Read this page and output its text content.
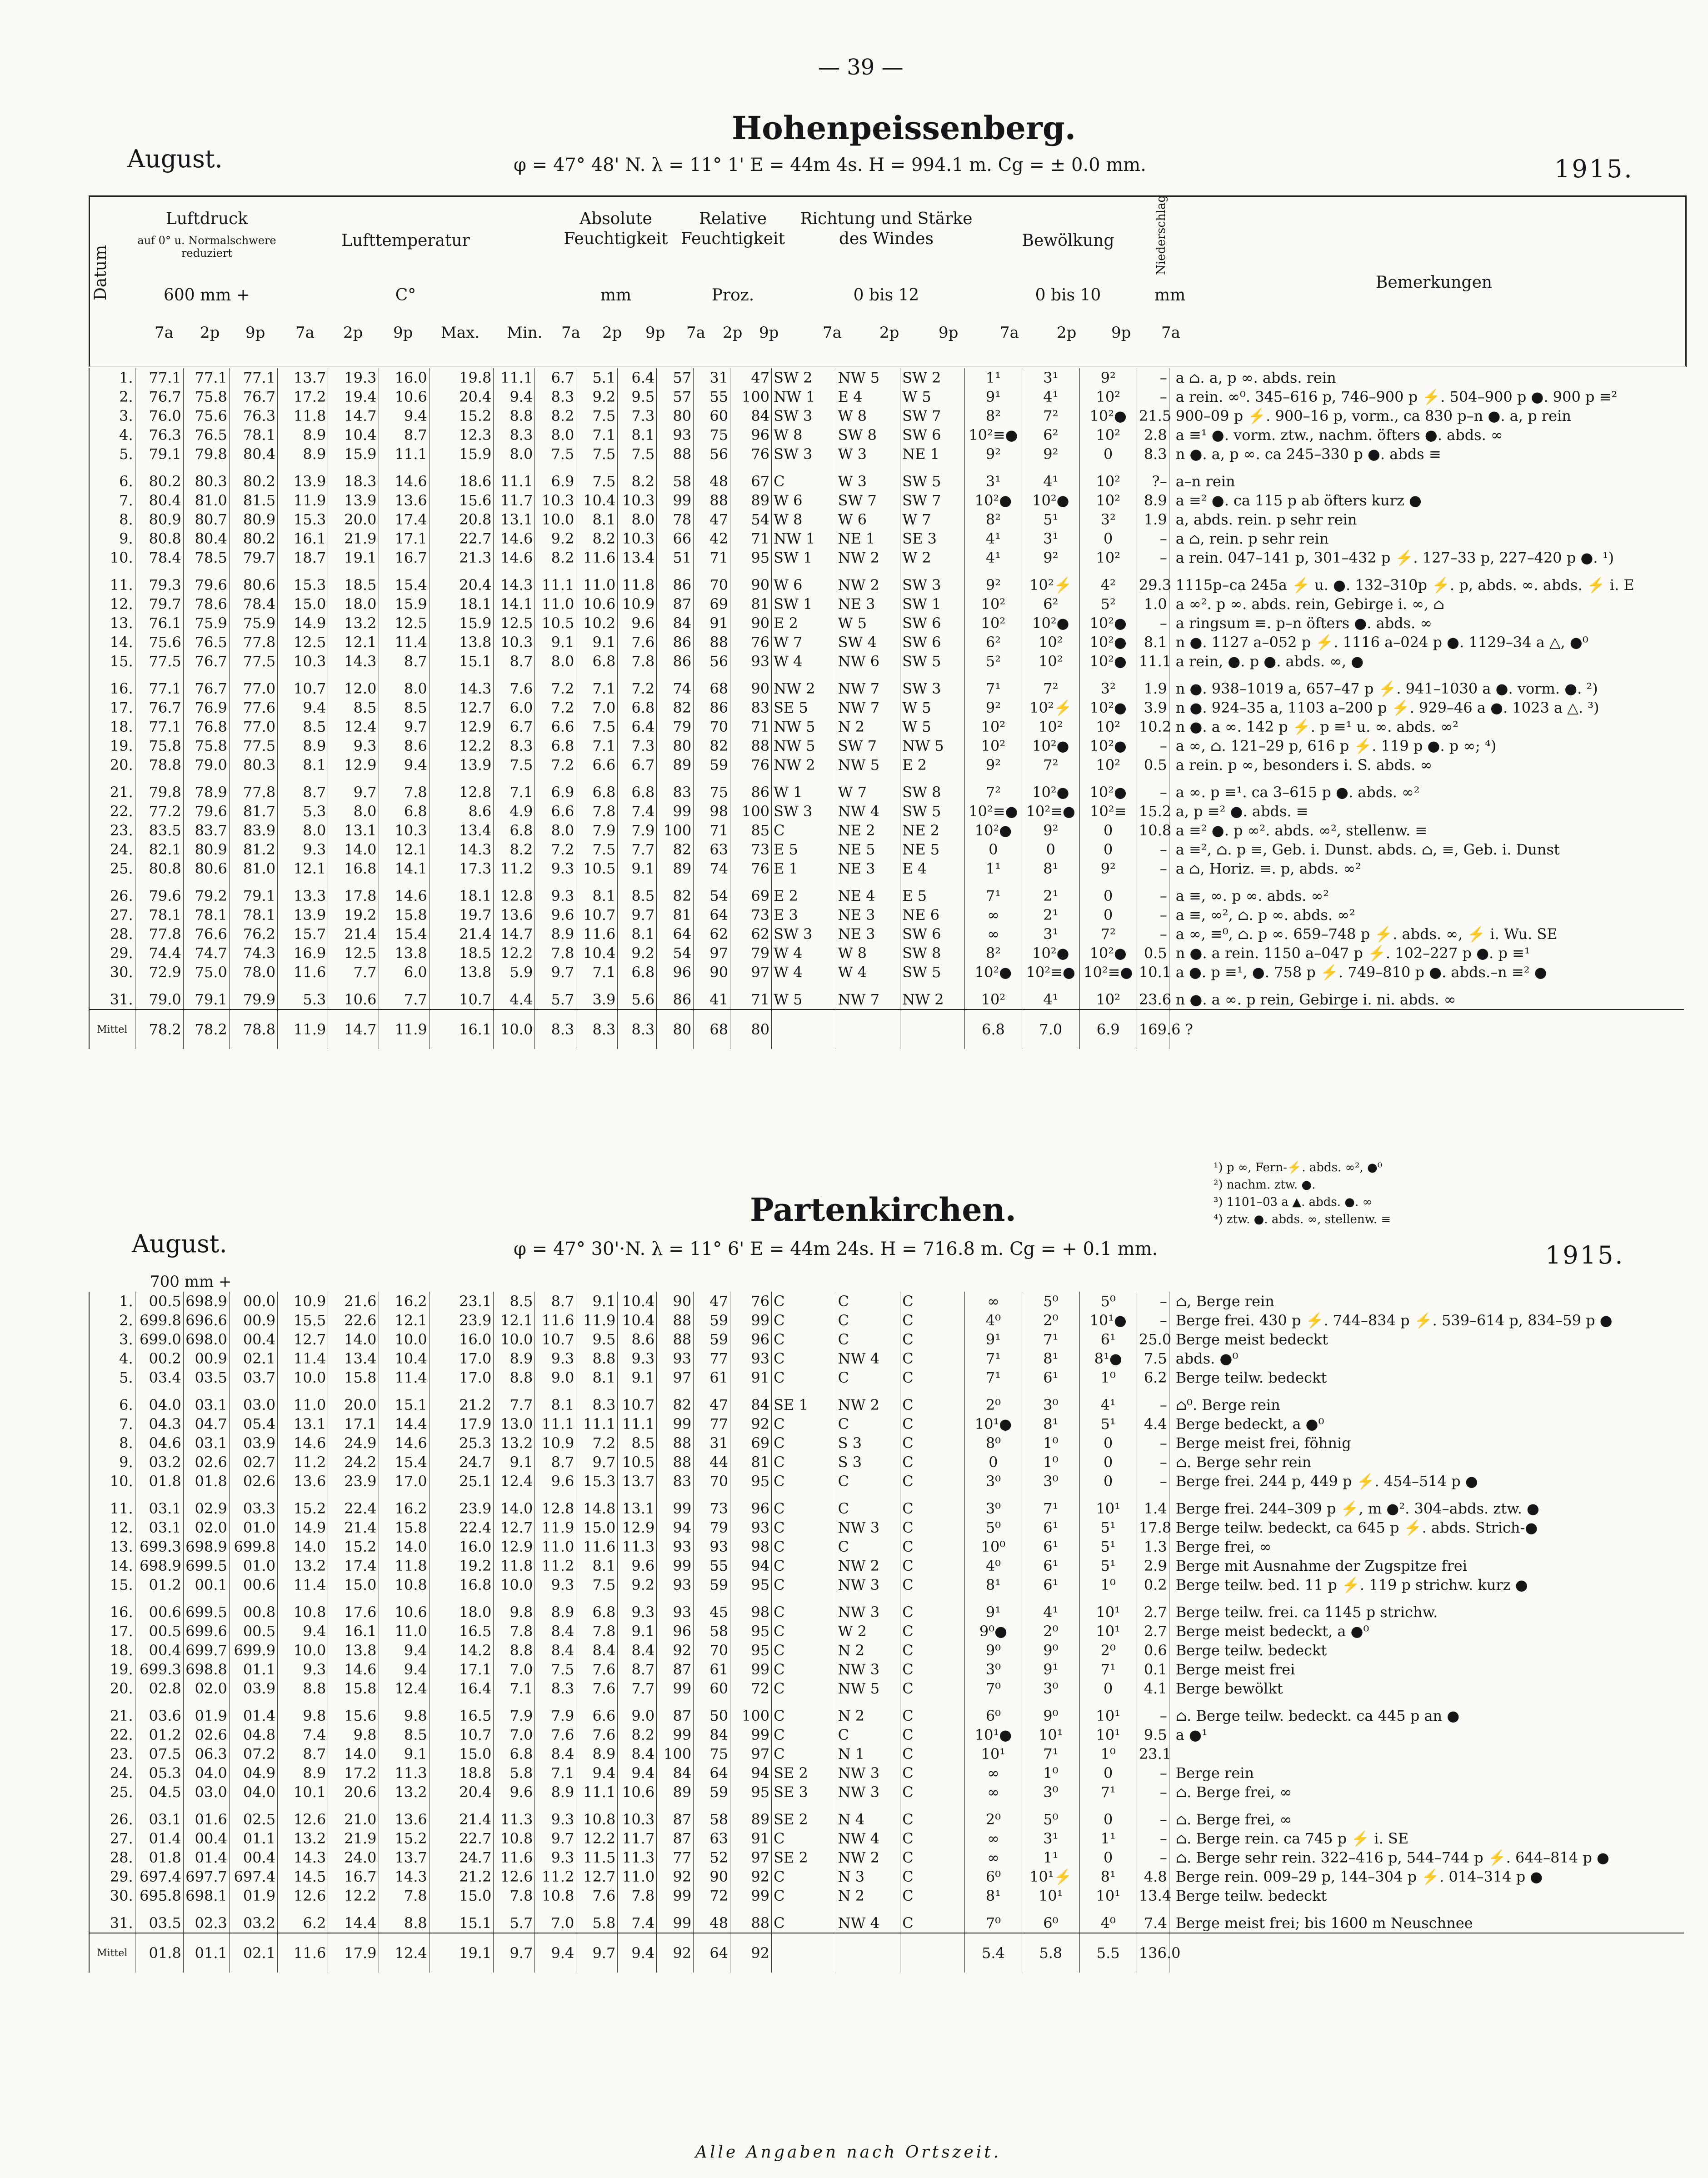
— 39 —
Hohenpeissenberg.
August.	φ = 47° 48' N. λ = 11° 1' E = 44m 4s. H = 994.1 m. Cg = ± 0.0 mm.	1915.
Datum
Luftdruck
auf 0° u. Normalschwere reduziert
600 mm +
Lufttemperatur
C°
Absolute Feuchtigkeit
mm
Relative Feuchtigkeit
Proz.
Richtung und Stärke des Windes
0 bis 12
Bewölkung
0 bis 10
Niederschlag
mm
Bemerkungen
7a 2p 9p 7a 2p 9p Max. Min. 7a 2p 9p 7a 2p 9p	7a 2p	9p	7a 2p 9p 7a
1.	77.1	77.1	77.1	13.7	19.3	16.0	19.8	11.1	6.7	5.1	6.4	57	31	47	SW 2	NW 5	SW 2	1¹	3¹	9²	–	a ⌂. a, p ∞. abds. rein
2.	76.7	75.8	76.7	17.2	19.4	10.6	20.4	9.4	8.3	9.2	9.5	57	55	100	NW 1	E 4	W 5	9¹	4¹	10²	–	a rein. ∞⁰. 345–616 p, 746–900 p ⚡. 504–900 p ●. 900 p ≡²
3.	76.0	75.6	76.3	11.8	14.7	9.4	15.2	8.8	8.2	7.5	7.3	80	60	84	SW 3	W 8	SW 7	8²	7²	10²●	21.5	900–09 p ⚡. 900–16 p, vorm., ca 830 p–n ●. a, p rein
4.	76.3	76.5	78.1	8.9	10.4	8.7	12.3	8.3	8.0	7.1	8.1	93	75	96	W 8	SW 8	SW 6	10²≡●	6²	10²	2.8	a ≡¹ ●. vorm. ztw., nachm. öfters ●. abds. ∞
5.	79.1	79.8	80.4	8.9	15.9	11.1	15.9	8.0	7.5	7.5	7.5	88	56	76	SW 3	W 3	NE 1	9²	9²	0	8.3	n ●. a, p ∞. ca 245–330 p ●. abds ≡

6.	80.2	80.3	80.2	13.9	18.3	14.6	18.6	11.1	6.9	7.5	8.2	58	48	67	C	W 3	SW 5	3¹	4¹	10²	?–	a–n rein
7.	80.4	81.0	81.5	11.9	13.9	13.6	15.6	11.7	10.3	10.4	10.3	99	88	89	W 6	SW 7	SW 7	10²●	10²●	10²	8.9	a ≡² ●. ca 115 p ab öfters kurz ●
8.	80.9	80.7	80.9	15.3	20.0	17.4	20.8	13.1	10.0	8.1	8.0	78	47	54	W 8	W 6	W 7	8²	5¹	3²	1.9	a, abds. rein. p sehr rein
9.	80.8	80.4	80.2	16.1	21.9	17.1	22.7	14.6	9.2	8.2	10.3	66	42	71	NW 1	NE 1	SE 3	4¹	3¹	0	–	a ⌂, rein. p sehr rein
10.	78.4	78.5	79.7	18.7	19.1	16.7	21.3	14.6	8.2	11.6	13.4	51	71	95	SW 1	NW 2	W 2	4¹	9²	10²	–	a rein. 047–141 p, 301–432 p ⚡. 127–33 p, 227–420 p ●. ¹)

11.	79.3	79.6	80.6	15.3	18.5	15.4	20.4	14.3	11.1	11.0	11.8	86	70	90	W 6	NW 2	SW 3	9²	10²⚡	4²	29.3	1115p–ca 245a ⚡ u. ●. 132–310p ⚡. p, abds. ∞. abds. ⚡ i. E
12.	79.7	78.6	78.4	15.0	18.0	15.9	18.1	14.1	11.0	10.6	10.9	87	69	81	SW 1	NE 3	SW 1	10²	6²	5²	1.0	a ∞². p ∞. abds. rein, Gebirge i. ∞, ⌂
13.	76.1	75.9	75.9	14.9	13.2	12.5	15.9	12.5	10.5	10.2	9.6	84	91	90	E 2	W 5	SW 6	10²	10²●	10²●	–	a ringsum ≡. p–n öfters ●. abds. ∞
14.	75.6	76.5	77.8	12.5	12.1	11.4	13.8	10.3	9.1	9.1	7.6	86	88	76	W 7	SW 4	SW 6	6²	10²	10²●	8.1	n ●. 1127 a–052 p ⚡. 1116 a–024 p ●. 1129–34 a △, ●⁰
15.	77.5	76.7	77.5	10.3	14.3	8.7	15.1	8.7	8.0	6.8	7.8	86	56	93	W 4	NW 6	SW 5	5²	10²	10²●	11.1	a rein, ●. p ●. abds. ∞, ●

16.	77.1	76.7	77.0	10.7	12.0	8.0	14.3	7.6	7.2	7.1	7.2	74	68	90	NW 2	NW 7	SW 3	7¹	7²	3²	1.9	n ●. 938–1019 a, 657–47 p ⚡. 941–1030 a ●. vorm. ●. ²)
17.	76.7	76.9	77.6	9.4	8.5	8.5	12.7	6.0	7.2	7.0	6.8	82	86	83	SE 5	NW 7	W 5	9²	10²⚡	10²●	3.9	n ●. 924–35 a, 1103 a–200 p ⚡. 929–46 a ●. 1023 a △. ³)
18.	77.1	76.8	77.0	8.5	12.4	9.7	12.9	6.7	6.6	7.5	6.4	79	70	71	NW 5	N 2	W 5	10²	10²	10²	10.2	n ●. a ∞. 142 p ⚡. p ≡¹ u. ∞. abds. ∞²
19.	75.8	75.8	77.5	8.9	9.3	8.6	12.2	8.3	6.8	7.1	7.3	80	82	88	NW 5	SW 7	NW 5	10²	10²●	10²●	–	a ∞, ⌂. 121–29 p, 616 p ⚡. 119 p ●. p ∞; ⁴)
20.	78.8	79.0	80.3	8.1	12.9	9.4	13.9	7.5	7.2	6.6	6.7	89	59	76	NW 2	NW 5	E 2	9²	7²	10²	0.5	a rein. p ∞, besonders i. S. abds. ∞

21.	79.8	78.9	77.8	8.7	9.7	7.8	12.8	7.1	6.9	6.8	6.8	83	75	86	W 1	W 7	SW 8	7²	10²●	10²●	–	a ∞. p ≡¹. ca 3–615 p ●. abds. ∞²
22.	77.2	79.6	81.7	5.3	8.0	6.8	8.6	4.9	6.6	7.8	7.4	99	98	100	SW 3	NW 4	SW 5	10²≡●	10²≡●	10²≡	15.2	a, p ≡² ●. abds. ≡
23.	83.5	83.7	83.9	8.0	13.1	10.3	13.4	6.8	8.0	7.9	7.9	100	71	85	C	NE 2	NE 2	10²●	9²	0	10.8	a ≡² ●. p ∞². abds. ∞², stellenw. ≡
24.	82.1	80.9	81.2	9.3	14.0	12.1	14.3	8.2	7.2	7.5	7.7	82	63	73	E 5	NE 5	NE 5	0	0	0	–	a ≡², ⌂. p ≡, Geb. i. Dunst. abds. ⌂, ≡, Geb. i. Dunst
25.	80.8	80.6	81.0	12.1	16.8	14.1	17.3	11.2	9.3	10.5	9.1	89	74	76	E 1	NE 3	E 4	1¹	8¹	9²	–	a ⌂, Horiz. ≡. p, abds. ∞²

26.	79.6	79.2	79.1	13.3	17.8	14.6	18.1	12.8	9.3	8.1	8.5	82	54	69	E 2	NE 4	E 5	7¹	2¹	0	–	a ≡, ∞. p ∞. abds. ∞²
27.	78.1	78.1	78.1	13.9	19.2	15.8	19.7	13.6	9.6	10.7	9.7	81	64	73	E 3	NE 3	NE 6	∞	2¹	0	–	a ≡, ∞², ⌂. p ∞. abds. ∞²
28.	77.8	76.6	76.2	15.7	21.4	15.4	21.4	14.7	8.9	11.6	8.1	64	62	62	SW 3	NE 3	SW 6	∞	3¹	7²	–	a ∞, ≡⁰, ⌂. p ∞. 659–748 p ⚡. abds. ∞, ⚡ i. Wu. SE
29.	74.4	74.7	74.3	16.9	12.5	13.8	18.5	12.2	7.8	10.4	9.2	54	97	79	W 4	W 8	SW 8	8²	10²●	10²●	0.5	n ●. a rein. 1150 a–047 p ⚡. 102–227 p ●. p ≡¹
30.	72.9	75.0	78.0	11.6	7.7	6.0	13.8	5.9	9.7	7.1	6.8	96	90	97	W 4	W 4	SW 5	10²●	10²≡●	10²≡●	10.1	a ●. p ≡¹, ●. 758 p ⚡. 749–810 p ●. abds.–n ≡² ●

31.	79.0	79.1	79.9	5.3	10.6	7.7	10.7	4.4	5.7	3.9	5.6	86	41	71	W 5	NW 7	NW 2	10²	4¹	10²	23.6	n ●. a ∞. p rein, Gebirge i. ni. abds. ∞
Mittel	78.2	78.2	78.8	11.9	14.7	11.9	16.1	10.0	8.3	8.3	8.3	80	68	80				6.8	7.0	6.9	169.6 ?	
¹) p ∞, Fern-⚡. abds. ∞², ●⁰
²) nachm. ztw. ●.
³) 1101–03 a ▲. abds. ●. ∞
⁴) ztw. ●. abds. ∞, stellenw. ≡
Partenkirchen.
August.	φ = 47° 30'·N. λ = 11° 6' E = 44m 24s. H = 716.8 m. Cg = + 0.1 mm.	1915.
700 mm +
1.	00.5	698.9	00.0	10.9	21.6	16.2	23.1	8.5	8.7	9.1	10.4	90	47	76	C	C	C	∞	5⁰	5⁰	–	⌂, Berge rein
2.	699.8	696.6	00.9	15.5	22.6	12.1	23.9	12.1	11.6	11.9	10.4	88	59	99	C	C	C	4⁰	2⁰	10¹●	–	Berge frei. 430 p ⚡. 744–834 p ⚡. 539–614 p, 834–59 p ●
3.	699.0	698.0	00.4	12.7	14.0	10.0	16.0	10.0	10.7	9.5	8.6	88	59	96	C	C	C	9¹	7¹	6¹	25.0	Berge meist bedeckt
4.	00.2	00.9	02.1	11.4	13.4	10.4	17.0	8.9	9.3	8.8	9.3	93	77	93	C	NW 4	C	7¹	8¹	8¹●	7.5	abds. ●⁰
5.	03.4	03.5	03.7	10.0	15.8	11.4	17.0	8.8	9.0	8.1	9.1	97	61	91	C	C	C	7¹	6¹	1⁰	6.2	Berge teilw. bedeckt

6.	04.0	03.1	03.0	11.0	20.0	15.1	21.2	7.7	8.1	8.3	10.7	82	47	84	SE 1	NW 2	C	2⁰	3⁰	4¹	–	⌂⁰. Berge rein
7.	04.3	04.7	05.4	13.1	17.1	14.4	17.9	13.0	11.1	11.1	11.1	99	77	92	C	C	C	10¹●	8¹	5¹	4.4	Berge bedeckt, a ●⁰
8.	04.6	03.1	03.9	14.6	24.9	14.6	25.3	13.2	10.9	7.2	8.5	88	31	69	C	S 3	C	8⁰	1⁰	0	–	Berge meist frei, föhnig
9.	03.2	02.6	02.7	11.2	24.2	15.4	24.7	9.1	8.7	9.7	10.5	88	44	81	C	S 3	C	0	1⁰	0	–	⌂. Berge sehr rein
10.	01.8	01.8	02.6	13.6	23.9	17.0	25.1	12.4	9.6	15.3	13.7	83	70	95	C	C	C	3⁰	3⁰	0	–	Berge frei. 244 p, 449 p ⚡. 454–514 p ●

11.	03.1	02.9	03.3	15.2	22.4	16.2	23.9	14.0	12.8	14.8	13.1	99	73	96	C	C	C	3⁰	7¹	10¹	1.4	Berge frei. 244–309 p ⚡, m ●². 304–abds. ztw. ●
12.	03.1	02.0	01.0	14.9	21.4	15.8	22.4	12.7	11.9	15.0	12.9	94	79	93	C	NW 3	C	5⁰	6¹	5¹	17.8	Berge teilw. bedeckt, ca 645 p ⚡. abds. Strich-●
13.	699.3	698.9	699.8	14.0	15.2	14.0	16.0	12.9	11.0	11.6	11.3	93	93	98	C	C	C	10⁰	6¹	5¹	1.3	Berge frei, ∞
14.	698.9	699.5	01.0	13.2	17.4	11.8	19.2	11.8	11.2	8.1	9.6	99	55	94	C	NW 2	C	4⁰	6¹	5¹	2.9	Berge mit Ausnahme der Zugspitze frei
15.	01.2	00.1	00.6	11.4	15.0	10.8	16.8	10.0	9.3	7.5	9.2	93	59	95	C	NW 3	C	8¹	6¹	1⁰	0.2	Berge teilw. bed. 11 p ⚡. 119 p strichw. kurz ●

16.	00.6	699.5	00.8	10.8	17.6	10.6	18.0	9.8	8.9	6.8	9.3	93	45	98	C	NW 3	C	9¹	4¹	10¹	2.7	Berge teilw. frei. ca 1145 p strichw.
17.	00.5	699.6	00.5	9.4	16.1	11.0	16.5	7.8	8.4	7.8	9.1	96	58	95	C	W 2	C	9⁰●	2⁰	10¹	2.7	Berge meist bedeckt, a ●⁰
18.	00.4	699.7	699.9	10.0	13.8	9.4	14.2	8.8	8.4	8.4	8.4	92	70	95	C	N 2	C	9⁰	9⁰	2⁰	0.6	Berge teilw. bedeckt
19.	699.3	698.8	01.1	9.3	14.6	9.4	17.1	7.0	7.5	7.6	8.7	87	61	99	C	NW 3	C	3⁰	9¹	7¹	0.1	Berge meist frei
20.	02.8	02.0	03.9	8.8	15.8	12.4	16.4	7.1	8.3	7.6	7.7	99	60	72	C	NW 5	C	7⁰	3⁰	0	4.1	Berge bewölkt

21.	03.6	01.9	01.4	9.8	15.6	9.8	16.5	7.9	7.9	6.6	9.0	87	50	100	C	N 2	C	6⁰	9⁰	10¹	–	⌂. Berge teilw. bedeckt. ca 445 p an ●
22.	01.2	02.6	04.8	7.4	9.8	8.5	10.7	7.0	7.6	7.6	8.2	99	84	99	C	C	C	10¹●	10¹	10¹	9.5	a ●¹
23.	07.5	06.3	07.2	8.7	14.0	9.1	15.0	6.8	8.4	8.9	8.4	100	75	97	C	N 1	C	10¹	7¹	1⁰	23.1	
24.	05.3	04.0	04.9	8.9	17.2	11.3	18.8	5.8	7.1	9.4	9.4	84	64	94	SE 2	NW 3	C	∞	1⁰	0	–	Berge rein
25.	04.5	03.0	04.0	10.1	20.6	13.2	20.4	9.6	8.9	11.1	10.6	89	59	95	SE 3	NW 3	C	∞	3⁰	7¹	–	⌂. Berge frei, ∞

26.	03.1	01.6	02.5	12.6	21.0	13.6	21.4	11.3	9.3	10.8	10.3	87	58	89	SE 2	N 4	C	2⁰	5⁰	0	–	⌂. Berge frei, ∞
27.	01.4	00.4	01.1	13.2	21.9	15.2	22.7	10.8	9.7	12.2	11.7	87	63	91	C	NW 4	C	∞	3¹	1¹	–	⌂. Berge rein. ca 745 p ⚡ i. SE
28.	01.8	01.4	00.4	14.3	24.0	13.7	24.7	11.6	9.3	11.5	11.3	77	52	97	SE 2	NW 2	C	∞	1¹	0	–	⌂. Berge sehr rein. 322–416 p, 544–744 p ⚡. 644–814 p ●
29.	697.4	697.7	697.4	14.5	16.7	14.3	21.2	12.6	11.2	12.7	11.0	92	90	92	C	N 3	C	6⁰	10¹⚡	8¹	4.8	Berge rein. 009–29 p, 144–304 p ⚡. 014–314 p ●
30.	695.8	698.1	01.9	12.6	12.2	7.8	15.0	7.8	10.8	7.6	7.8	99	72	99	C	N 2	C	8¹	10¹	10¹	13.4	Berge teilw. bedeckt

31.	03.5	02.3	03.2	6.2	14.4	8.8	15.1	5.7	7.0	5.8	7.4	99	48	88	C	NW 4	C	7⁰	6⁰	4⁰	7.4	Berge meist frei; bis 1600 m Neuschnee
Mittel	01.8	01.1	02.1	11.6	17.9	12.4	19.1	9.7	9.4	9.7	9.4	92	64	92				5.4	5.8	5.5	136.0	
Alle Angaben nach Ortszeit.
